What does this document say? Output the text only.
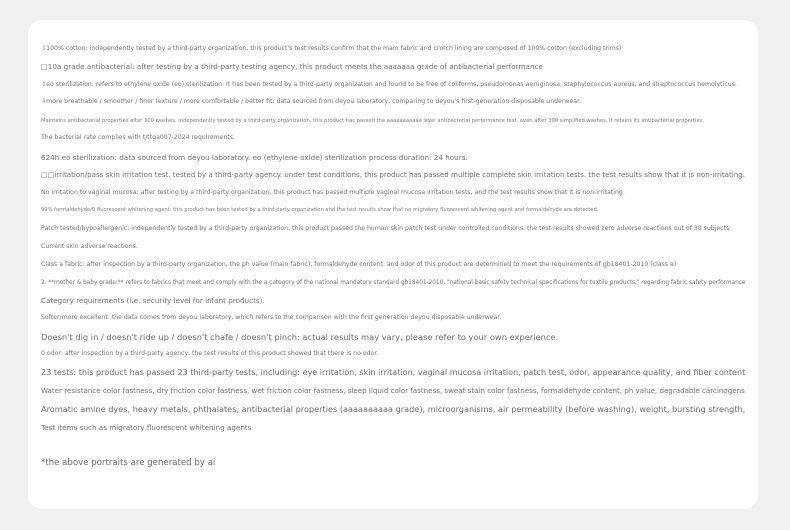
⇩100% cotton: independently tested by a third-party organization, this product's test results confirm that the main fabric and crotch lining are composed of 100% cotton (excluding trims)
□10a grade antibacterial: after testing by a third-party testing agency, this product meets the aaaaaaa grade of antibacterial performance
⇩eo sterilization: refers to ethylene oxide (eo) sterilization. it has been tested by a third-party organization and found to be free of coliforms, pseudomonas aeruginosa, staphylococcus aureus, and streptococcus hemolyticus.
⇩more breathable / smoother / finer texture / more comfortable / better fit: data sourced from deyou laboratory, comparing to deyou's first-generation disposable underwear.
Maintains antibacterial properties after 300 washes: independently tested by a third-party organization, this product has passed the aaaaaaaaaaa level antibacterial performance test. even after 300 simplified washes, it retains its antibacterial properties.
The bacterial rate complies with t/ttga007-2024 requirements.
624h eo sterilization: data sourced from deyou laboratory. eo (ethylene oxide) sterilization process duration: 24 hours.
□□irritation/pass skin irritation test. tested by a third-party agency. under test conditions, this product has passed multiple complete skin irritation tests. the test results show that it is non-irritating.
No irritation to vaginal mucosa: after testing by a third-party organization, this product has passed multiple vaginal mucosa irritation tests, and the test results show that it is non-irritating.
99% formaldehyde/0 fluorescent whitening agent: this product has been tested by a third-party organization and the test results show that no migratory fluorescent whitening agent and formaldehyde are detected.
Patch tested/hypoallergenic: independently tested by a third-party organization, this product passed the human skin patch test under controlled conditions. the test results showed zero adverse reactions out of 30 subjects
Current skin adverse reactions.
Class a fabric: after inspection by a third-party organization, the ph value (main fabric), formaldehyde content, and odor of this product are determined to meet the requirements of gb18401-2010 (class a)
2. **mother & baby grade:** refers to fabrics that meet and comply with the a category of the national mandatory standard gb18401-2010, "national basic safety technical specifications for textile products," regarding fabric safety performance
Category requirements (i.e. security level for infant products).
Softer/more excellent: the data comes from deyou laboratory, which refers to the comparison with the first generation deyou disposable underwear.
Doesn't dig in / doesn't ride up / doesn't chafe / doesn't pinch: actual results may vary, please refer to your own experience.
0 odor: after inspection by a third-party agency, the test results of this product showed that there is no odor.
23 tests: this product has passed 23 third-party tests, including: eye irritation, skin irritation, vaginal mucosa irritation, patch test, odor, appearance quality, and fiber content
Water resistance color fastness, dry friction color fastness, wet friction color fastness, sleep liquid color fastness, sweat stain color fastness, formaldehyde content, ph value, degradable carcinogens
Aromatic amine dyes, heavy metals, phthalates, antibacterial properties (aaaaaaaaaa grade), microorganisms, air permeability (before washing), weight, bursting strength,
Test items such as migratory fluorescent whitening agents
*the above portraits are generated by ai
